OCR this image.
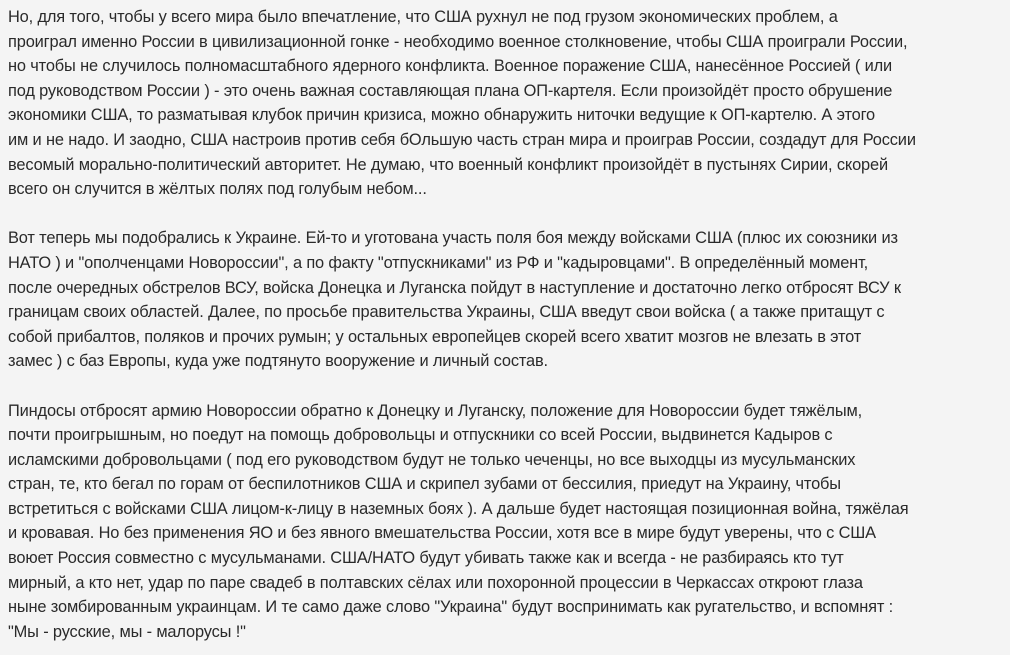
Но, для того, чтобы у всего мира было впечатление, что США рухнул не под грузом экономических проблем, а
проиграл именно России в цивилизационной гонке - необходимо военное столкновение, чтобы США проиграли России,
но чтобы не случилось полномасштабного ядерного конфликта. Военное поражение США, нанесённое Россией ( или
под руководством России ) - это очень важная составляющая плана ОП-картеля. Если произойдёт просто обрушение
экономики США, то разматывая клубок причин кризиса, можно обнаружить ниточки ведущие к ОП-картелю. А этого
им и не надо. И заодно, США настроив против себя бОльшую часть стран мира и проиграв России, создадут для России
весомый морально-политический авторитет. Не думаю, что военный конфликт произойдёт в пустынях Сирии, скорей
всего он случится в жёлтых полях под голубым небом...
Вот теперь мы подобрались к Украине. Ей-то и уготована участь поля боя между войсками США (плюс их союзники из
НАТО ) и "ополченцами Новороссии", а по факту "отпускниками" из РФ и "кадыровцами". В определённый момент,
после очередных обстрелов ВСУ, войска Донецка и Луганска пойдут в наступление и достаточно легко отбросят ВСУ к
границам своих областей. Далее, по просьбе правительства Украины, США введут свои войска ( а также притащут с
собой прибалтов, поляков и прочих румын; у остальных европейцев скорей всего хватит мозгов не влезать в этот
замес ) с баз Европы, куда уже подтянуто вооружение и личный состав.
Пиндосы отбросят армию Новороссии обратно к Донецку и Луганску, положение для Новороссии будет тяжёлым,
почти проигрышным, но поедут на помощь добровольцы и отпускники со всей России, выдвинется Кадыров с
исламскими добровольцами ( под его руководством будут не только чеченцы, но все выходцы из мусульманских
стран, те, кто бегал по горам от беспилотников США и скрипел зубами от бессилия, приедут на Украину, чтобы
встретиться с войсками США лицом-к-лицу в наземных боях ). А дальше будет настоящая позиционная война, тяжёлая
и кровавая. Но без применения ЯО и без явного вмешательства России, хотя все в мире будут уверены, что с США
воюет Россия совместно с мусульманами. США/НАТО будут убивать также как и всегда - не разбираясь кто тут
мирный, а кто нет, удар по паре свадеб в полтавских сёлах или похоронной процессии в Черкассах откроют глаза
ныне зомбированным украинцам. И те само даже слово "Украина" будут воспринимать как ругательство, и вспомнят :
"Мы - русские, мы - малорусы !"
